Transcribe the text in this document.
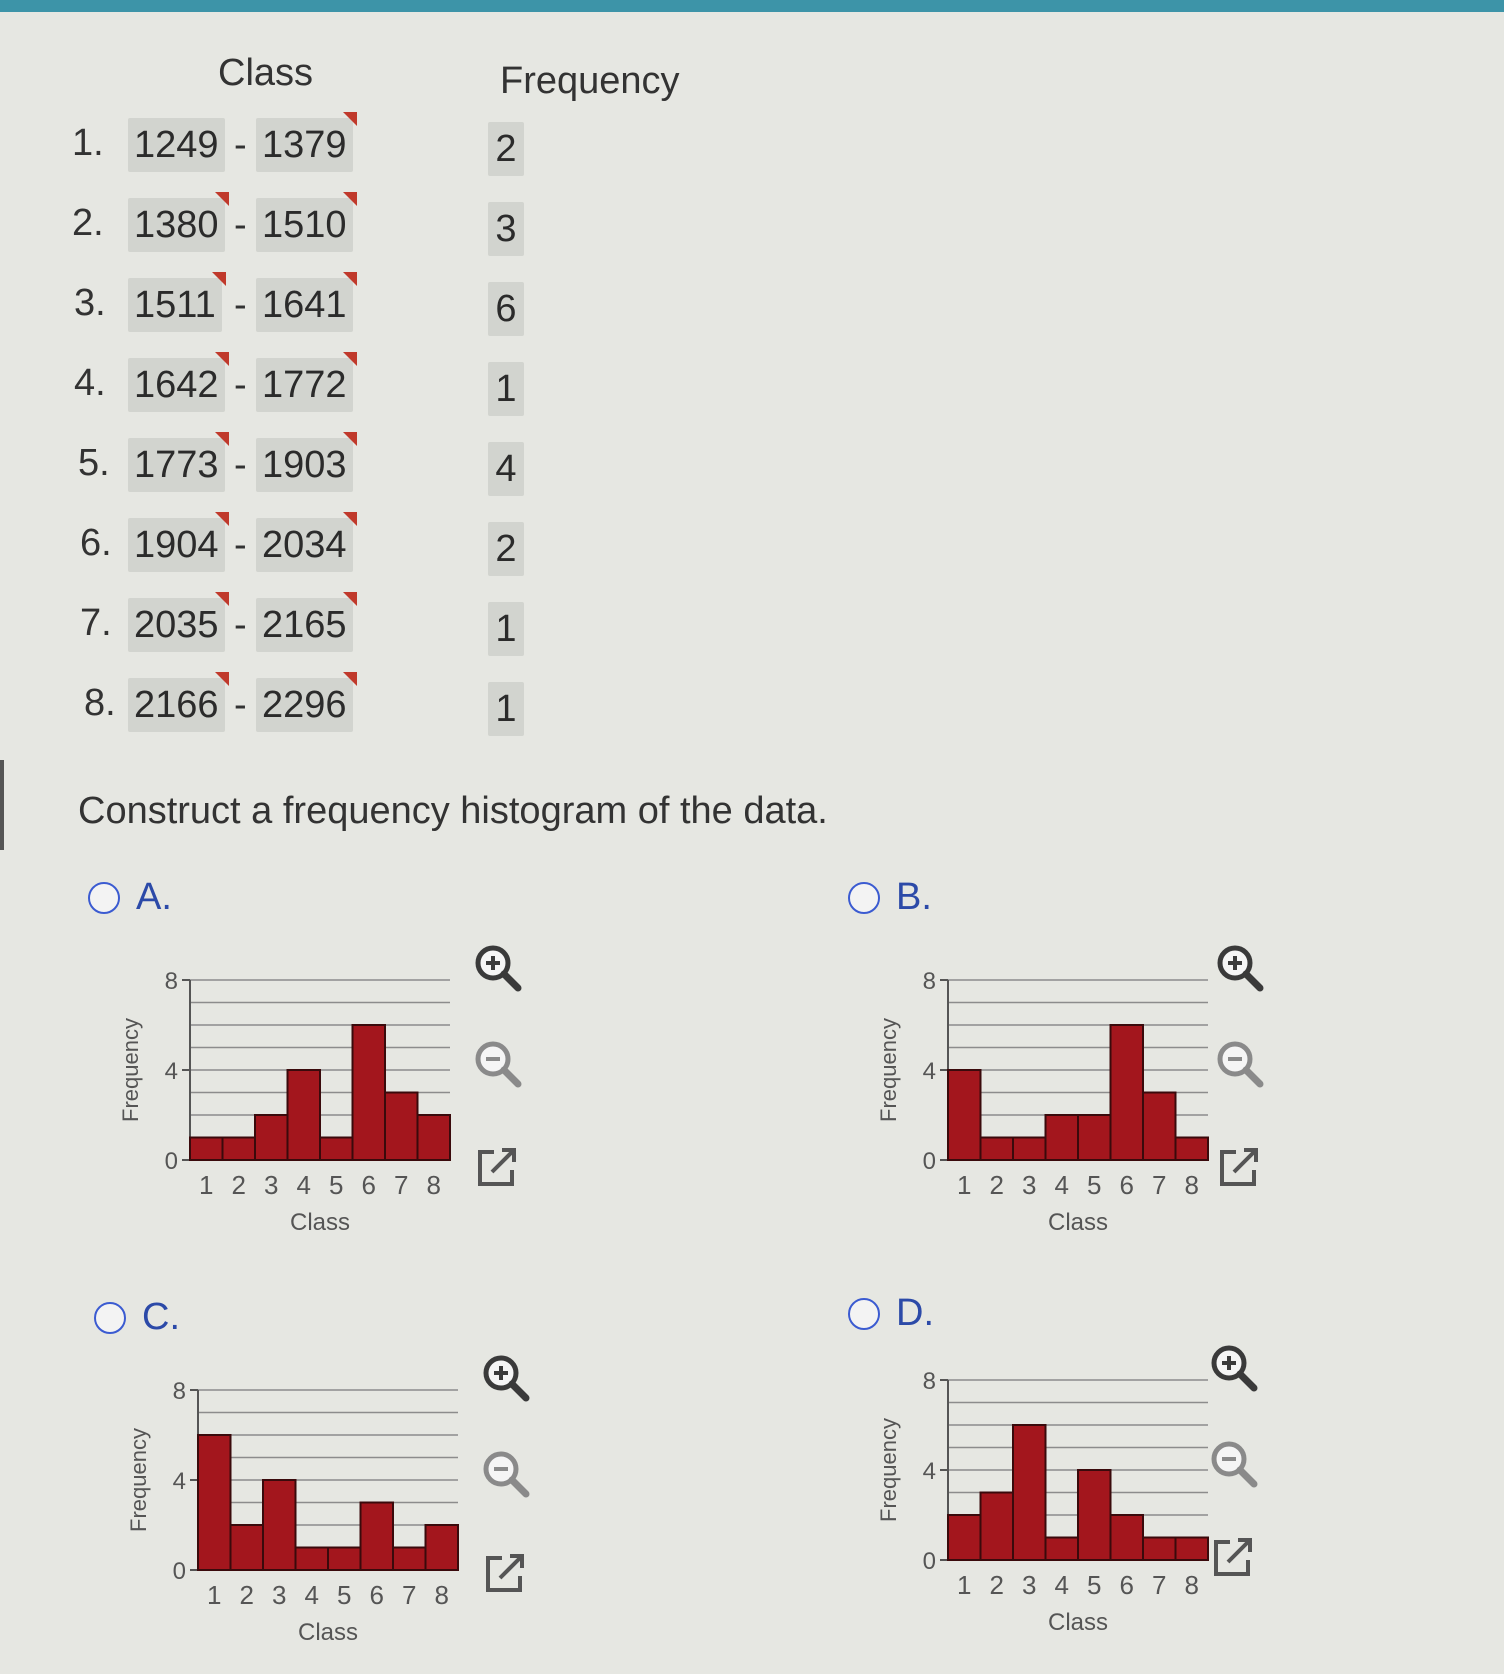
Class	Frequency
1. 1249 - 1379	2
2. 1380 - 1510	3
3. 1511 - 1641	6
4. 1642 - 1772	1
5. 1773 - 1903	4
6. 1904 - 2034	2
7. 2035 - 2165	1
8. 2166 - 2296	1
Construct a frequency histogram of the data.
A.	B.
C.	D.
0
4
8
1 2 3 4 5 6 7 8
Class
Frequency
0
4
8
1 2 3 4 5 6 7 8
Class
Frequency
0
4
8
1 2 3 4 5 6 7 8
Class
Frequency
0
4
8
1 2 3 4 5 6 7 8
Class
Frequency
